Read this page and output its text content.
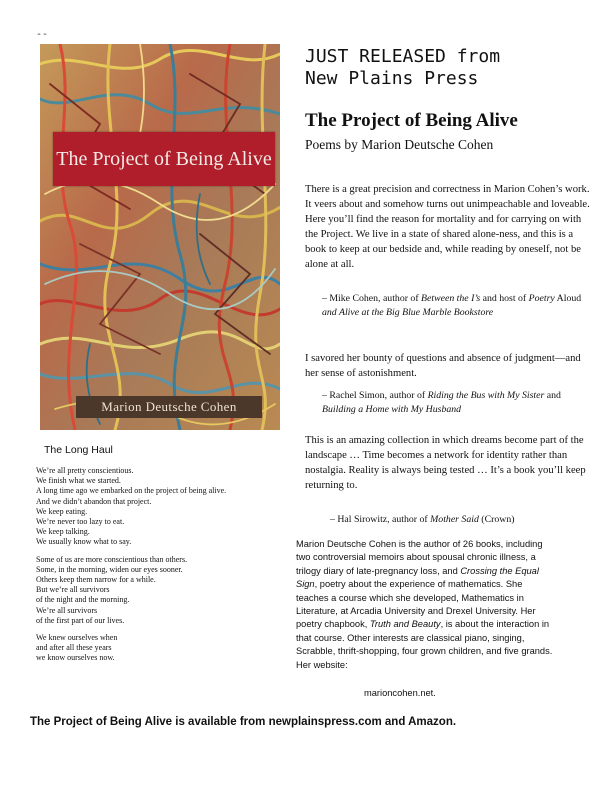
--
The Project of Being Alive
Marion Deutsche Cohen
The Long Haul
We’re all pretty conscientious.
We finish what we started.
A long time ago we embarked on the project of being alive.
And we didn’t abandon that project.
We keep eating.
We’re never too lazy to eat.
We keep talking.
We usually know what to say.
Some of us are more conscientious than others.
Some, in the morning, widen our eyes sooner.
Others keep them narrow for a while.
But we’re all survivors
of the night and the morning.
We’re all survivors
of the first part of our lives.
We knew ourselves when
and after all these years
we know ourselves now.
JUST RELEASED from
New Plains Press
The Project of Being Alive
Poems by Marion Deutsche Cohen
There is a great precision and correctness in Marion Cohen’s work. It veers about and somehow turns out unimpeachable and loveable. Here you’ll find the reason for mortality and for carrying on with the Project. We live in a state of shared alone-ness, and this is a book to keep at our bedside and, while reading by oneself, not be alone at all.
– Mike Cohen, author of Between the I’s and host of Poetry Aloud and Alive at the Big Blue Marble Bookstore
I savored her bounty of questions and absence of judgment—and her sense of astonishment.
– Rachel Simon, author of Riding the Bus with My Sister and Building a Home with My Husband
This is an amazing collection in which dreams become part of the landscape … Time becomes a network for identity rather than nostalgia. Reality is always being tested … It’s a book you’ll keep returning to.
– Hal Sirowitz, author of Mother Said (Crown)
Marion Deutsche Cohen is the author of 26 books, including two controversial memoirs about spousal chronic illness, a trilogy diary of late-pregnancy loss, and Crossing the Equal Sign, poetry about the experience of mathematics. She teaches a course which she developed, Mathematics in Literature, at Arcadia University and Drexel University. Her poetry chapbook, Truth and Beauty, is about the interaction in that course. Other interests are classical piano, singing, Scrabble, thrift-shopping, four grown children, and five grands. Her website:
marioncohen.net.
The Project of Being Alive is available from newplainspress.com and Amazon.
